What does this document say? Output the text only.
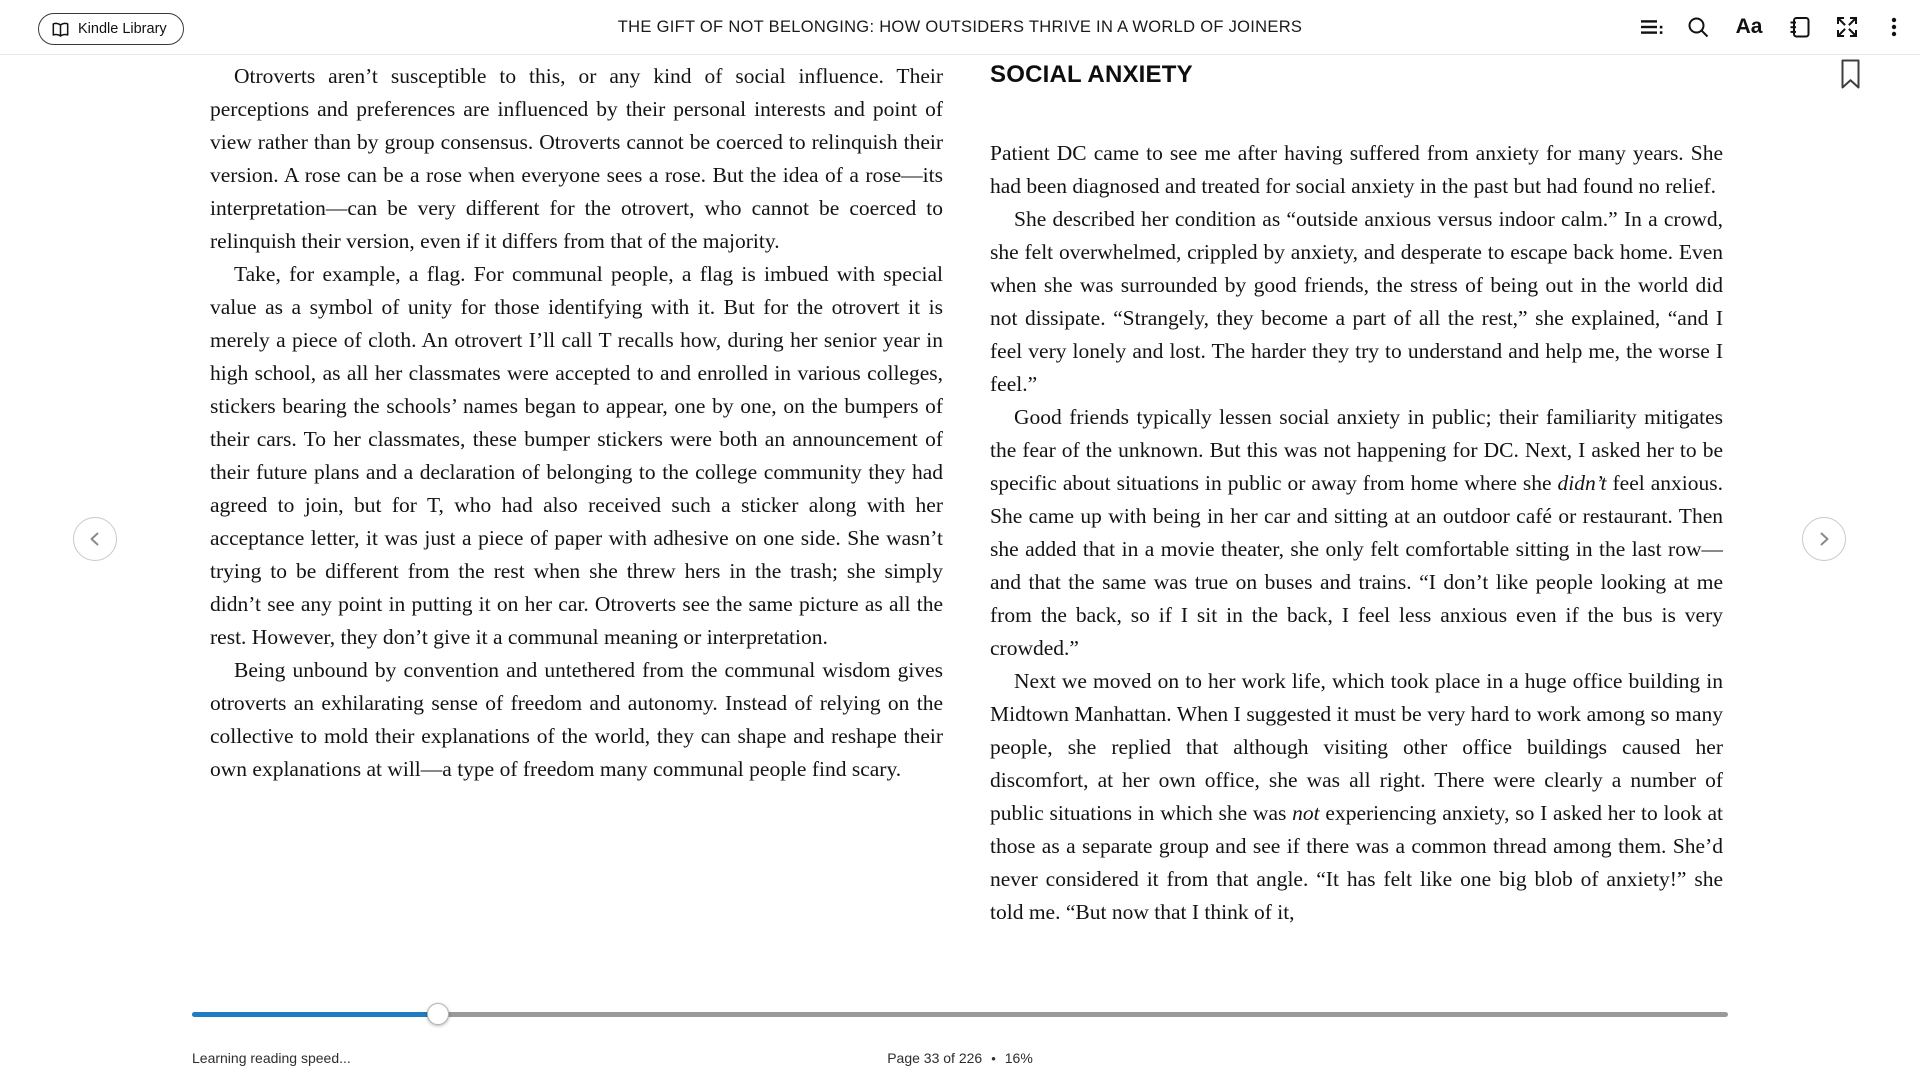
Kindle Library	THE GIFT OF NOT BELONGING: HOW OUTSIDERS THRIVE IN A WORLD OF JOINERS	Aa

Otroverts aren’t susceptible to this, or any kind of social influence. Their perceptions and preferences are influenced by their personal interests and point of view rather than by group consensus. Otroverts cannot be coerced to relinquish their version. A rose can be a rose when everyone sees a rose. But the idea of a rose—its interpretation—can be very different for the otrovert, who cannot be coerced to relinquish their version, even if it differs from that of the majority.

Take, for example, a flag. For communal people, a flag is imbued with special value as a symbol of unity for those identifying with it. But for the otrovert it is merely a piece of cloth. An otrovert I’ll call T recalls how, during her senior year in high school, as all her classmates were accepted to and enrolled in various colleges, stickers bearing the schools’ names began to appear, one by one, on the bumpers of their cars. To her classmates, these bumper stickers were both an announcement of their future plans and a declaration of belonging to the college community they had agreed to join, but for T, who had also received such a sticker along with her acceptance letter, it was just a piece of paper with adhesive on one side. She wasn’t trying to be different from the rest when she threw hers in the trash; she simply didn’t see any point in putting it on her car. Otroverts see the same picture as all the rest. However, they don’t give it a communal meaning or interpretation.

Being unbound by convention and untethered from the communal wisdom gives otroverts an exhilarating sense of freedom and autonomy. Instead of relying on the collective to mold their explanations of the world, they can shape and reshape their own explanations at will—a type of freedom many communal people find scary.

SOCIAL ANXIETY

Patient DC came to see me after having suffered from anxiety for many years. She had been diagnosed and treated for social anxiety in the past but had found no relief.

She described her condition as “outside anxious versus indoor calm.” In a crowd, she felt overwhelmed, crippled by anxiety, and desperate to escape back home. Even when she was surrounded by good friends, the stress of being out in the world did not dissipate. “Strangely, they become a part of all the rest,” she explained, “and I feel very lonely and lost. The harder they try to understand and help me, the worse I feel.”

Good friends typically lessen social anxiety in public; their familiarity mitigates the fear of the unknown. But this was not happening for DC. Next, I asked her to be specific about situations in public or away from home where she didn’t feel anxious. She came up with being in her car and sitting at an outdoor café or restaurant. Then she added that in a movie theater, she only felt comfortable sitting in the last row—and that the same was true on buses and trains. “I don’t like people looking at me from the back, so if I sit in the back, I feel less anxious even if the bus is very crowded.”

Next we moved on to her work life, which took place in a huge office building in Midtown Manhattan. When I suggested it must be very hard to work among so many people, she replied that although visiting other office buildings caused her discomfort, at her own office, she was all right. There were clearly a number of public situations in which she was not experiencing anxiety, so I asked her to look at those as a separate group and see if there was a common thread among them. She’d never considered it from that angle. “It has felt like one big blob of anxiety!” she told me. “But now that I think of it,

Learning reading speed...	Page 33 of 226 • 16%
